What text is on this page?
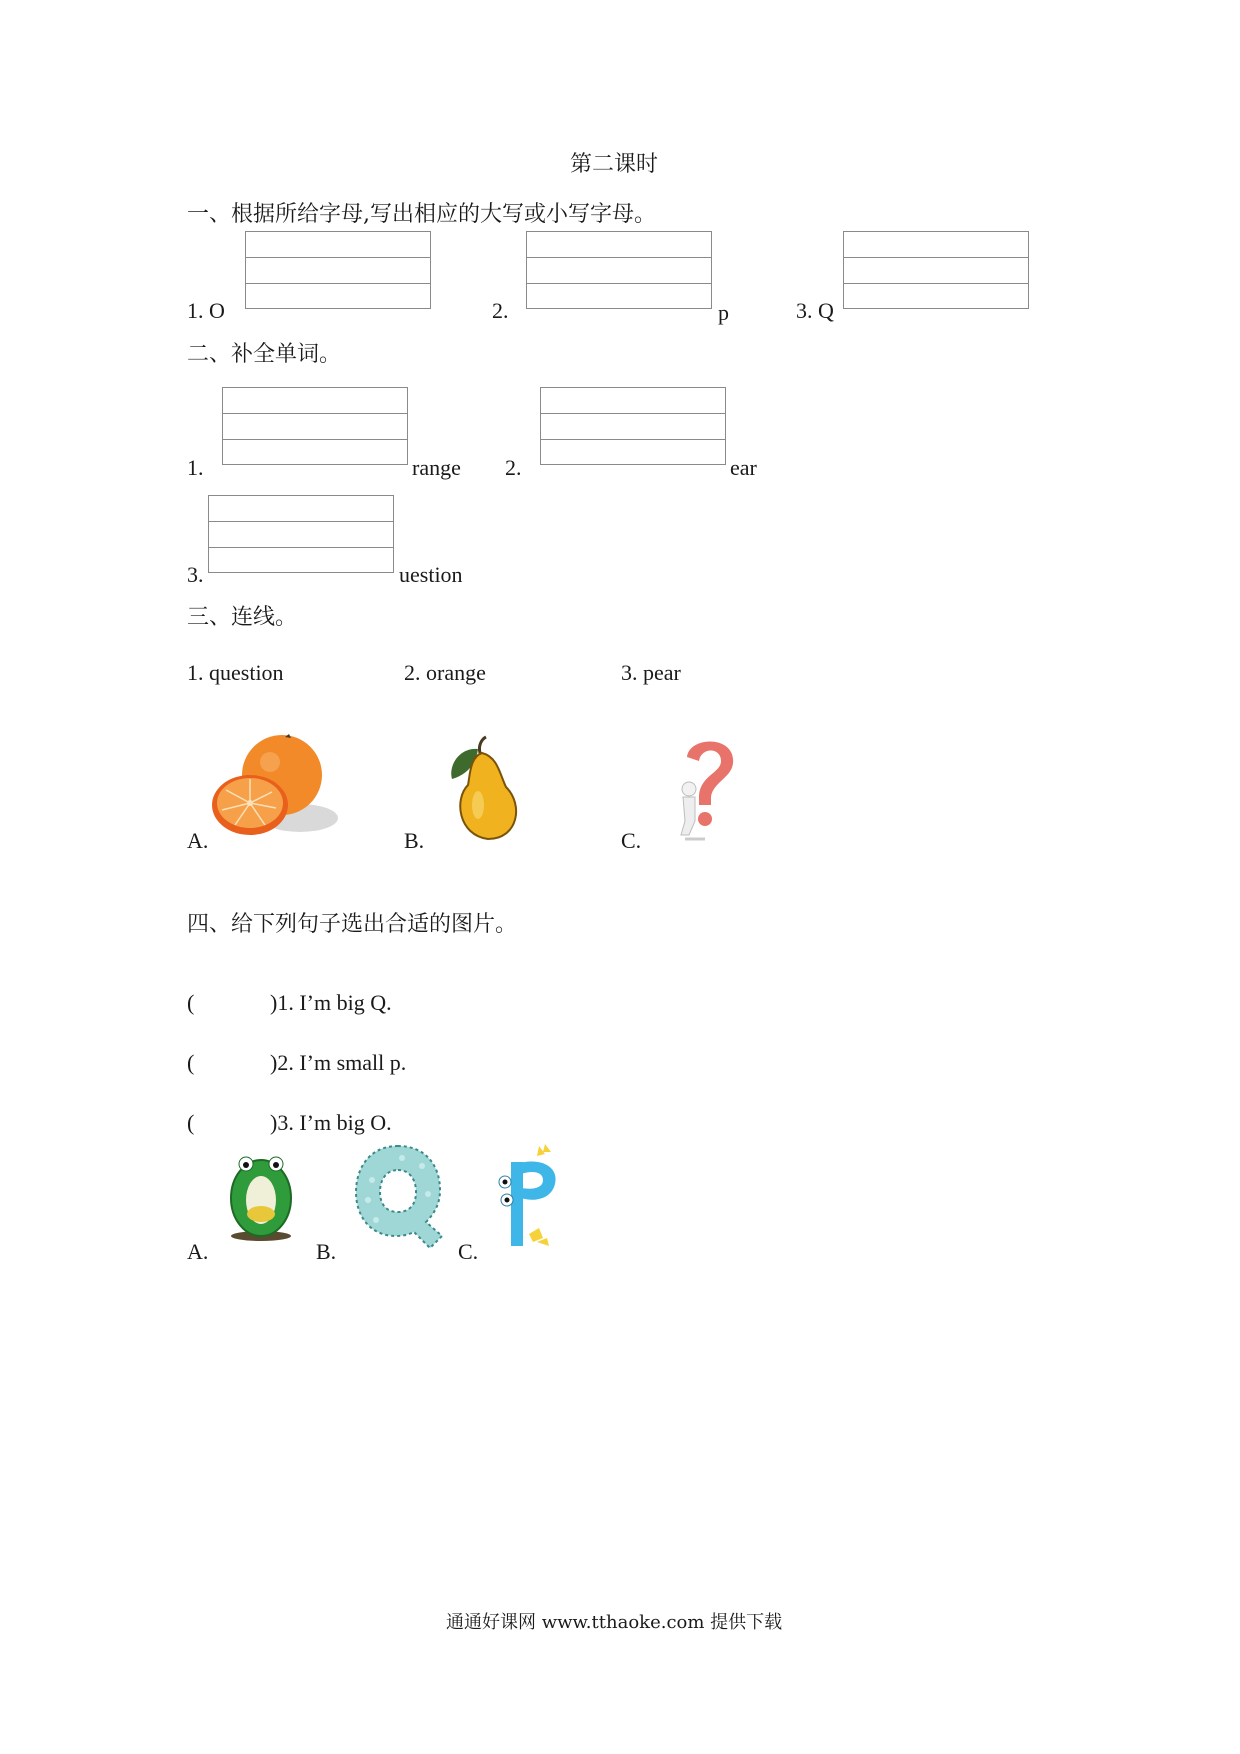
第二课时
一、根据所给字母,写出相应的大写或小写字母。
1. O	2.	p	3. Q
二、补全单词。
1.	range 2.	ear
3.	uestion
三、连线。
1. question	2. orange	3. pear
A.	B.	C.
四、给下列句子选出合适的图片。
(	)1. I’m big Q.
(	)2. I’m small p.
(	)3. I’m big O.
A.	B.	C.
通通好课网 www.tthaoke.com 提供下载
